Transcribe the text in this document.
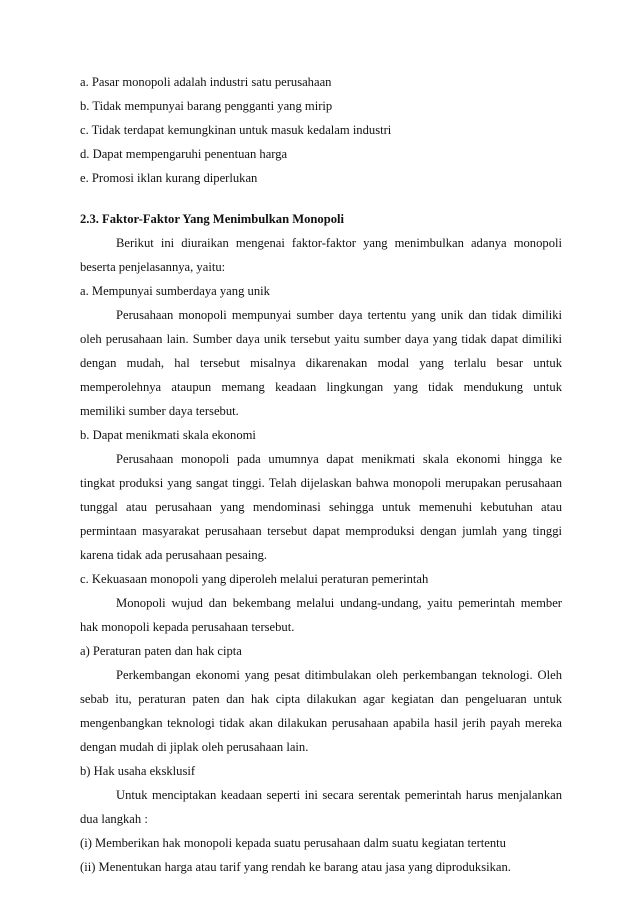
a. Pasar monopoli adalah industri satu perusahaan
b. Tidak mempunyai barang pengganti yang mirip
c. Tidak terdapat kemungkinan untuk masuk kedalam industri
d. Dapat mempengaruhi penentuan harga
e. Promosi iklan kurang diperlukan
2.3. Faktor-Faktor Yang Menimbulkan Monopoli
Berikut ini diuraikan mengenai faktor-faktor yang menimbulkan adanya monopoli
beserta penjelasannya, yaitu:
a. Mempunyai sumberdaya yang unik
Perusahaan monopoli mempunyai sumber daya tertentu yang unik dan tidak dimiliki
oleh perusahaan lain. Sumber daya unik tersebut yaitu sumber daya yang tidak dapat dimiliki
dengan mudah, hal tersebut misalnya dikarenakan modal yang terlalu besar untuk
memperolehnya ataupun memang keadaan lingkungan yang tidak mendukung untuk
memiliki sumber daya tersebut.
b. Dapat menikmati skala ekonomi
Perusahaan monopoli pada umumnya dapat menikmati skala ekonomi hingga ke
tingkat produksi yang sangat tinggi. Telah dijelaskan bahwa monopoli merupakan perusahaan
tunggal atau perusahaan yang mendominasi sehingga untuk memenuhi kebutuhan atau
permintaan masyarakat perusahaan tersebut dapat memproduksi dengan jumlah yang tinggi
karena tidak ada perusahaan pesaing.
c. Kekuasaan monopoli yang diperoleh melalui peraturan pemerintah
Monopoli wujud dan bekembang melalui undang-undang, yaitu pemerintah member
hak monopoli kepada perusahaan tersebut.
a) Peraturan paten dan hak cipta
Perkembangan ekonomi yang pesat ditimbulakan oleh perkembangan teknologi. Oleh
sebab itu, peraturan paten dan hak cipta dilakukan agar kegiatan dan pengeluaran untuk
mengenbangkan teknologi tidak akan dilakukan perusahaan apabila hasil jerih payah mereka
dengan mudah di jiplak oleh perusahaan lain.
b) Hak usaha eksklusif
Untuk menciptakan keadaan seperti ini secara serentak pemerintah harus menjalankan
dua langkah :
(i) Memberikan hak monopoli kepada suatu perusahaan dalm suatu kegiatan tertentu
(ii) Menentukan harga atau tarif yang rendah ke barang atau jasa yang diproduksikan.
